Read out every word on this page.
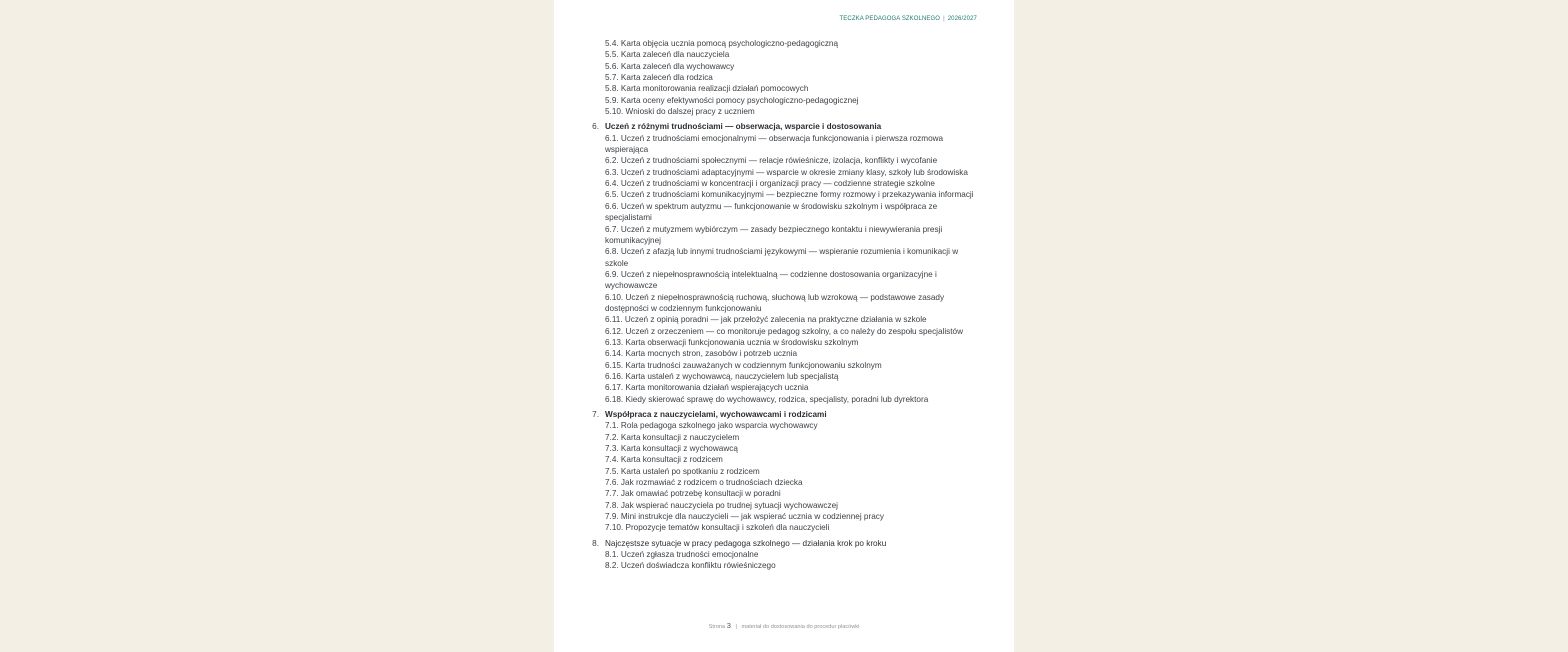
TECZKA PEDAGOGA SZKOLNEGO | 2026/2027
5.4. Karta objęcia ucznia pomocą psychologiczno-pedagogiczną
5.5. Karta zaleceń dla nauczyciela
5.6. Karta zaleceń dla wychowawcy
5.7. Karta zaleceń dla rodzica
5.8. Karta monitorowania realizacji działań pomocowych
5.9. Karta oceny efektywności pomocy psychologiczno-pedagogicznej
5.10. Wnioski do dalszej pracy z uczniem
6. Uczeń z różnymi trudnościami — obserwacja, wsparcie i dostosowania
6.1. Uczeń z trudnościami emocjonalnymi — obserwacja funkcjonowania i pierwsza rozmowa wspierająca
6.2. Uczeń z trudnościami społecznymi — relacje rówieśnicze, izolacja, konflikty i wycofanie
6.3. Uczeń z trudnościami adaptacyjnymi — wsparcie w okresie zmiany klasy, szkoły lub środowiska
6.4. Uczeń z trudnościami w koncentracji i organizacji pracy — codzienne strategie szkolne
6.5. Uczeń z trudnościami komunikacyjnymi — bezpieczne formy rozmowy i przekazywania informacji
6.6. Uczeń w spektrum autyzmu — funkcjonowanie w środowisku szkolnym i współpraca ze specjalistami
6.7. Uczeń z mutyzmem wybiórczym — zasady bezpiecznego kontaktu i niewywierania presji komunikacyjnej
6.8. Uczeń z afazją lub innymi trudnościami językowymi — wspieranie rozumienia i komunikacji w szkole
6.9. Uczeń z niepełnosprawnością intelektualną — codzienne dostosowania organizacyjne i wychowawcze
6.10. Uczeń z niepełnosprawnością ruchową, słuchową lub wzrokową — podstawowe zasady dostępności w codziennym funkcjonowaniu
6.11. Uczeń z opinią poradni — jak przełożyć zalecenia na praktyczne działania w szkole
6.12. Uczeń z orzeczeniem — co monitoruje pedagog szkolny, a co należy do zespołu specjalistów
6.13. Karta obserwacji funkcjonowania ucznia w środowisku szkolnym
6.14. Karta mocnych stron, zasobów i potrzeb ucznia
6.15. Karta trudności zauważanych w codziennym funkcjonowaniu szkolnym
6.16. Karta ustaleń z wychowawcą, nauczycielem lub specjalistą
6.17. Karta monitorowania działań wspierających ucznia
6.18. Kiedy skierować sprawę do wychowawcy, rodzica, specjalisty, poradni lub dyrektora
7. Współpraca z nauczycielami, wychowawcami i rodzicami
7.1. Rola pedagoga szkolnego jako wsparcia wychowawcy
7.2. Karta konsultacji z nauczycielem
7.3. Karta konsultacji z wychowawcą
7.4. Karta konsultacji z rodzicem
7.5. Karta ustaleń po spotkaniu z rodzicem
7.6. Jak rozmawiać z rodzicem o trudnościach dziecka
7.7. Jak omawiać potrzebę konsultacji w poradni
7.8. Jak wspierać nauczyciela po trudnej sytuacji wychowawczej
7.9. Mini instrukcje dla nauczycieli — jak wspierać ucznia w codziennej pracy
7.10. Propozycje tematów konsultacji i szkoleń dla nauczycieli
8. Najczęstsze sytuacje w pracy pedagoga szkolnego — działania krok po kroku
8.1. Uczeń zgłasza trudności emocjonalne
8.2. Uczeń doświadcza konfliktu rówieśniczego
Strona 3 | materiał do dostosowania do procedur placówki
